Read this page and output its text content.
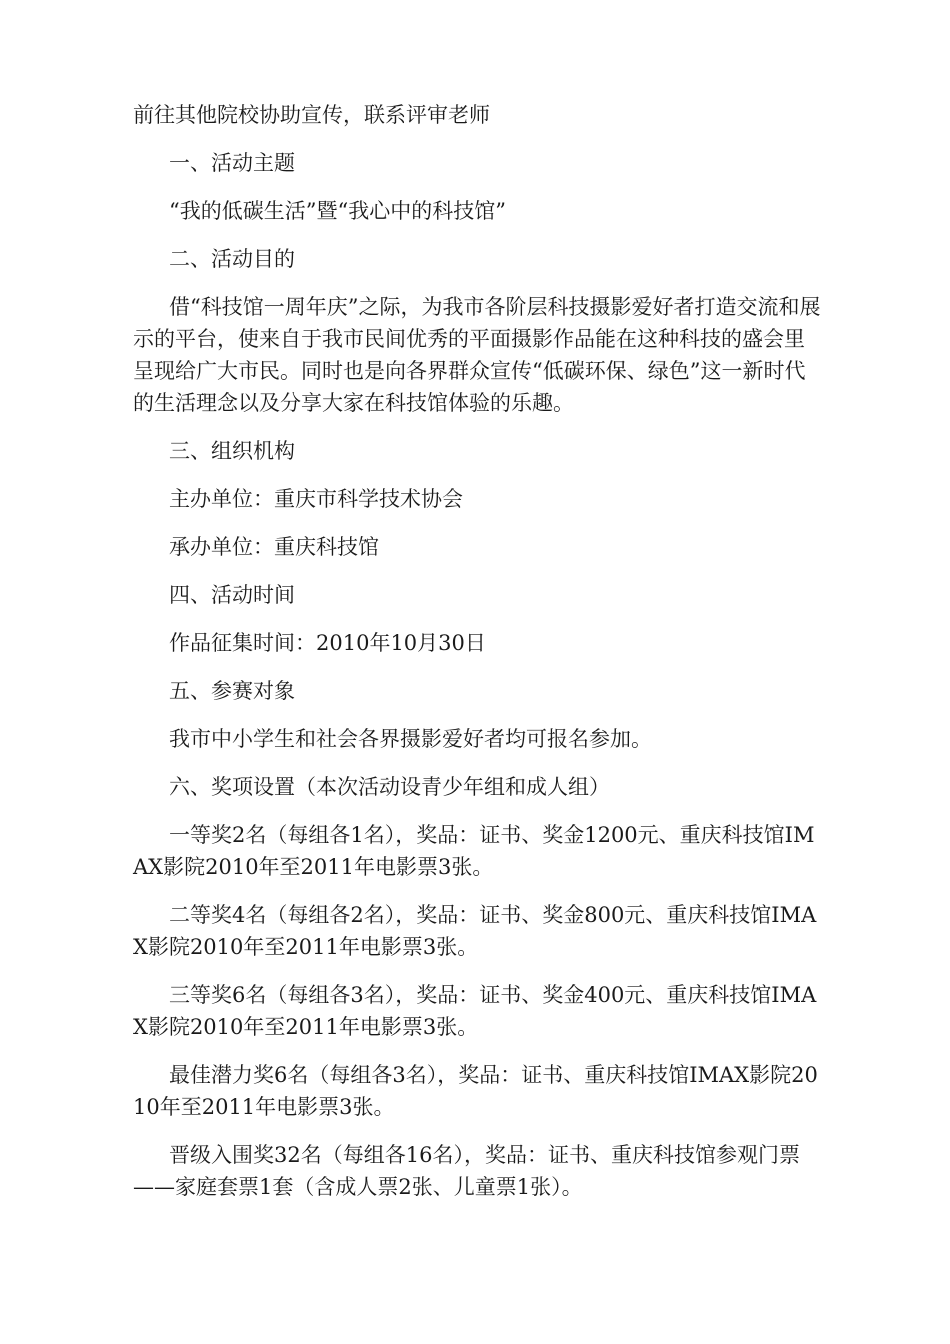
前往其他院校协助宣传，联系评审老师

一、活动主题

“我的低碳生活”暨“我心中的科技馆”

二、活动目的

借“科技馆一周年庆”之际，为我市各阶层科技摄影爱好者打造交流和展示的平台，使来自于我市民间优秀的平面摄影作品能在这种科技的盛会里呈现给广大市民。同时也是向各界群众宣传“低碳环保、绿色”这一新时代的生活理念以及分享大家在科技馆体验的乐趣。

三、组织机构

主办单位：重庆市科学技术协会

承办单位：重庆科技馆

四、活动时间

作品征集时间：2010年10月30日

五、参赛对象

我市中小学生和社会各界摄影爱好者均可报名参加。

六、奖项设置（本次活动设青少年组和成人组）

一等奖2名（每组各1名），奖品：证书、奖金1200元、重庆科技馆IMAX影院2010年至2011年电影票3张。

二等奖4名（每组各2名），奖品：证书、奖金800元、重庆科技馆IMAX影院2010年至2011年电影票3张。

三等奖6名（每组各3名），奖品：证书、奖金400元、重庆科技馆IMAX影院2010年至2011年电影票3张。

最佳潜力奖6名（每组各3名），奖品：证书、重庆科技馆IMAX影院2010年至2011年电影票3张。

晋级入围奖32名（每组各16名），奖品：证书、重庆科技馆参观门票——家庭套票1套（含成人票2张、儿童票1张）。
